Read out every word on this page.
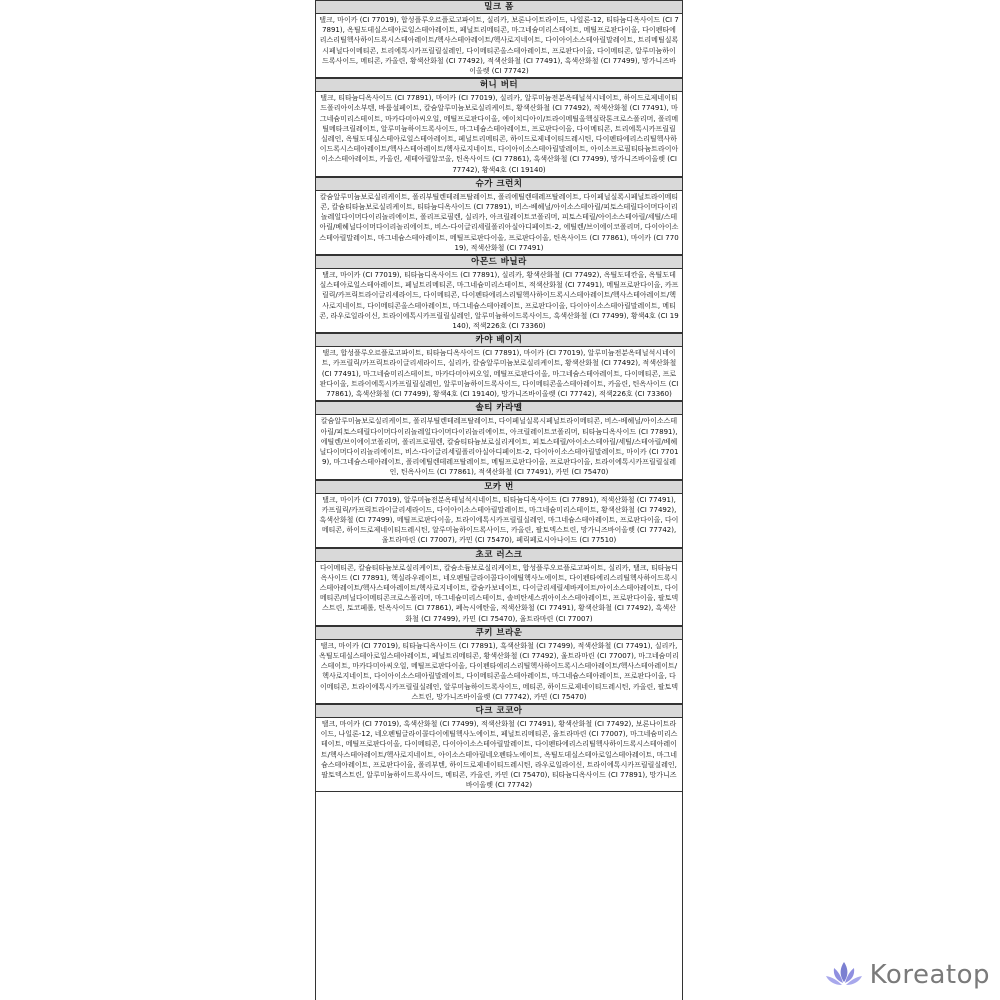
밀크 폼
탤크, 마이카 (CI 77019), 합성플루오르플로고파이트, 실리카, 보론나이트라이드, 나일론-12, 티타늄디옥사이드 (CI 77891), 옥틸도데실스테아로일스테아레이트, 페닐트리메티콘, 마그네슘미리스테이트, 메틸프로판다이올, 다이펜타에리스리틸헥사하이드록시스테아레이트/헥사스테아레이트/헥사로지네이트, 다이아이소스테아릴말레이트, 트리메틸실록시페닐다이메티콘, 트리에톡시카프릴릴실레인, 다이메티콘올스테아레이트, 프로판다이올, 다이메티콘, 알루미늄하이드록사이드, 메티콘, 카올린, 황색산화철 (CI 77492), 적색산화철 (CI 77491), 흑색산화철 (CI 77499), 망가니즈바이올렛 (CI 77742)
허니 버터
탤크, 티타늄디옥사이드 (CI 77891), 마이카 (CI 77019), 실리카, 알루미늄전분옥테닐석시네이트, 하이드로제네이티드폴리아이소부텐, 바륨설페이트, 칼슘알루미늄보로실리케이트, 황색산화철 (CI 77492), 적색산화철 (CI 77491), 마그네슘미리스테이트, 마카다미아씨오일, 메틸프로판다이올, 에이치디아이/트라이메틸올헥실락톤크로스폴리머, 폴리메틸메타크릴레이트, 알루미늄하이드록사이드, 마그네슘스테아레이트, 프로판다이올, 다이메티콘, 트리에톡시카프릴릴실레인, 옥틸도데실스테아로일스테아레이트, 페닐트리메티콘, 하이드로제네이티드레시틴, 다이펜타에리스리틸헥사하이드록시스테아레이트/헥사스테아레이트/헥사로지네이트, 다이아이소스테아릴말레이트, 아이소프로필티타늄트라이아이소스테아레이트, 카올린, 세테아릴알코올, 틴옥사이드 (CI 77861), 흑색산화철 (CI 77499), 망가니즈바이올렛 (CI 77742), 황색4호 (CI 19140)
슈가 크런치
칼슘알루미늄보로실리케이트, 폴리부틸렌테레프탈레이트, 폴리에틸렌테레프탈레이트, 다이페닐실록시페닐트라이메티콘, 칼슘티타늄보로실리케이트, 티타늄디옥사이드 (CI 77891), 비스-베헤닐/아이소스테아릴/피토스테릴다이머다이리놀레일다이머다이리놀리에이트, 폴리프로필렌, 실리카, 아크릴레이트코폴리머, 피토스테릴/아이소스테아릴/세틸/스테아릴/베헤닐다이머다이리놀리에이트, 비스-다이글리세릴폴리아실아디페이트-2, 에틸렌/브이에이코폴리머, 다이아이소스테아릴말레이트, 마그네슘스테아레이트, 메틸프로판다이올, 프로판다이올, 틴옥사이드 (CI 77861), 마이카 (CI 77019), 적색산화철 (CI 77491)
아몬드 바닐라
탤크, 마이카 (CI 77019), 티타늄디옥사이드 (CI 77891), 실리카, 황색산화철 (CI 77492), 옥틸도데칸올, 옥틸도데실스테아로일스테아레이트, 페닐트리메티콘, 마그네슘미리스테이트, 적색산화철 (CI 77491), 메틸프로판다이올, 카프릴릭/카프릭트라이글리세라이드, 다이메티콘, 다이펜타에리스리틸헥사하이드록시스테아레이트/헥사스테아레이트/헥사로지네이트, 다이메티콘올스테아레이트, 마그네슘스테아레이트, 프로판다이올, 다이아이소스테아릴말레이트, 메티콘, 라우로일라이신, 트라이에톡시카프릴릴실레인, 알루미늄하이드록사이드, 흑색산화철 (CI 77499), 황색4호 (CI 19140), 적색226호 (CI 73360)
카야 베이지
탤크, 합성플루오르플로고파이트, 티타늄디옥사이드 (CI 77891), 마이카 (CI 77019), 알루미늄전분옥테닐석시네이트, 카프릴릭/카프릭트라이글리세라이드, 실리카, 칼슘알루미늄보로실리케이트, 황색산화철 (CI 77492), 적색산화철 (CI 77491), 마그네슘미리스테이트, 마카다미아씨오일, 메틸프로판다이올, 마그네슘스테아레이트, 다이메티콘, 프로판다이올, 트라이에톡시카프릴릴실레인, 알루미늄하이드록사이드, 다이메티콘올스테아레이트, 카올린, 틴옥사이드 (CI 77861), 흑색산화철 (CI 77499), 황색4호 (CI 19140), 망가니즈바이올렛 (CI 77742), 적색226호 (CI 73360)
솔티 카라멜
칼슘알루미늄보로실리케이트, 폴리부틸렌테레프탈레이트, 다이페닐실록시페닐트라이메티콘, 비스-베헤닐/아이소스테아릴/피토스테릴다이머다이리놀레일다이머다이리놀리에이트, 아크릴레이트코폴리머, 티타늄디옥사이드 (CI 77891), 에틸렌/브이에이코폴리머, 폴리프로필렌, 칼슘티타늄보로실리케이트, 피토스테릴/아이소스테아릴/세틸/스테아릴/베헤닐다이머다이리놀리에이트, 비스-다이글리세릴폴리아실아디페이트-2, 다이아이소스테아릴말레이트, 마이카 (CI 77019), 마그네슘스테아레이트, 폴리에틸렌테레프탈레이트, 메틸프로판다이올, 프로판다이올, 트라이에톡시카프릴릴실레인, 틴옥사이드 (CI 77861), 적색산화철 (CI 77491), 카민 (CI 75470)
모카 번
탤크, 마이카 (CI 77019), 알루미늄전분옥테닐석시네이트, 티타늄디옥사이드 (CI 77891), 적색산화철 (CI 77491), 카프릴릭/카프릭트라이글리세라이드, 다이아이소스테아릴말레이트, 마그네슘미리스테이트, 황색산화철 (CI 77492), 흑색산화철 (CI 77499), 메틸프로판다이올, 트라이에톡시카프릴릴실레인, 마그네슘스테아레이트, 프로판다이올, 다이메티콘, 하이드로제네이티드레시틴, 알루미늄하이드록사이드, 카올린, 팔토덱스트린, 망가니즈바이올렛 (CI 77742), 울트라마린 (CI 77007), 카민 (CI 75470), 페릭페로시아나이드 (CI 77510)
초코 러스크
다이메티콘, 칼슘티타늄보로실리케이트, 칼슘소듐보로실리케이트, 합성플루오르플로고파이트, 실리카, 탤크, 티타늄디옥사이드 (CI 77891), 헥실라우레이트, 네오펜틸글라이콜다이에틸헥사노에이트, 다이펜타에리스리틸헥사하이드록시스테아레이트/헥사스테아레이트/헥사로지네이트, 칼슘카보네이트, 다이글리세릴세바케이트/아이소스테아레이트, 다이메티콘/비닐다이메티콘크로스폴리머, 마그네슘미리스테이트, 솔비탄세스퀴아이소스테아레이트, 프로판다이올, 팔토덱스트린, 토코페롤, 틴옥사이드 (CI 77861), 폐녹시에탄올, 적색산화철 (CI 77491), 황색산화철 (CI 77492), 흑색산화철 (CI 77499), 카민 (CI 75470), 울트라마린 (CI 77007)
쿠키 브라운
탤크, 마이카 (CI 77019), 티타늄디옥사이드 (CI 77891), 흑색산화철 (CI 77499), 적색산화철 (CI 77491), 실리카, 옥틸도데실스테아로일스테아레이트, 페닐트리메티콘, 황색산화철 (CI 77492), 울트라마린 (CI 77007), 마그네슘미리스테이트, 마카다미아씨오일, 메틸프로판다이올, 다이펜타에리스리틸헥사하이드록시스테아레이트/헥사스테아레이트/헥사로지네이트, 다이아이소스테아릴말레이트, 다이메티콘올스테아레이트, 마그네슘스테아레이트, 프로판다이올, 다이메티콘, 트라이에톡시카프릴릴실레인, 알루미늄하이드록사이드, 메티콘, 하이드로제네이티드레시틴, 카올린, 팔토덱스트린, 망가니즈바이올렛 (CI 77742), 카민 (CI 75470)
다크 코코아
탤크, 마이카 (CI 77019), 흑색산화철 (CI 77499), 적색산화철 (CI 77491), 황색산화철 (CI 77492), 보론나이트라이드, 나일론-12, 네오펜틸글라이콜다이에틸헥사노에이트, 페닐트리메티콘, 울트라마린 (CI 77007), 마그네슘미리스테이트, 메틸프로판다이올, 다이메티콘, 다이아이소스테아릴말레이트, 다이펜타에리스리틸헥사하이드록시스테아레이트/헥사스테아레이트/헥사로지네이트, 아이소스테아릴네오펜타노에이트, 옥틸도데실스테아로일스테아레이트, 마그네슘스테아레이트, 프로판다이올, 폴리부텐, 하이드로제네이티드레시틴, 라우로일라이신, 트라이에톡시카프릴릴실레인, 팔토덱스트린, 알루미늄하이드록사이드, 메티콘, 카올린, 카민 (CI 75470), 티타늄디옥사이드 (CI 77891), 망가니즈바이올렛 (CI 77742)
Koreatop
